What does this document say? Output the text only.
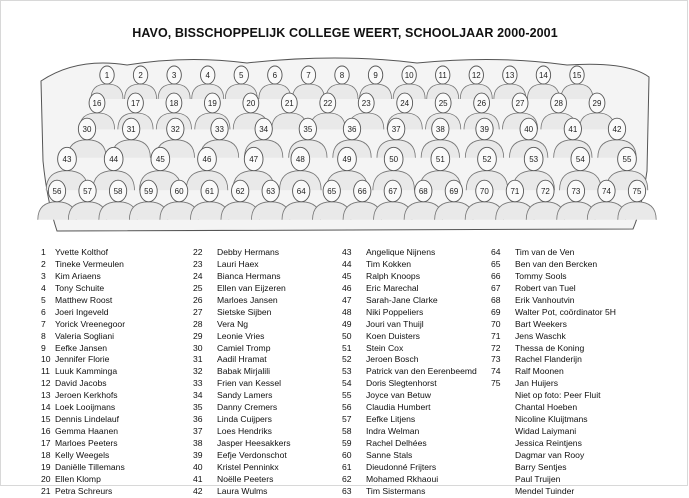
HAVO, BISSCHOPPELIJK COLLEGE WEERT, SCHOOLJAAR 2000-2001
1	2	3	4	5	6	7	8	9	10	11	12	13	14	15
16	17	18	19	20	21	22	23	24	25	26	27	28	29
30	31	32	33	34	35	36	37	38	39	40	41	42
43	44	45	46	47	48	49	50	51	52	53	54	55
56	57	58	59	60	61	62	63	64	65	66	67	68	69	70	71	72	73	74	75
1	Yvette Kolthof
2	Tineke Vermeulen
3	Kim Ariaens
4	Tony Schuite
5	Matthew Roost
6	Joeri Ingeveld
7	Yorick Vreenegoor
8	Valeria Sogliani
9	Eefke Jansen
10 Jennifer Florie
11 Luuk Kamminga
12 David Jacobs
13 Jeroen Kerkhofs
14 Loek Looijmans
15 Dennis Lindelauf
16 Gemma Haanen
17 Marloes Peeters
18 Kelly Weegels
19 Daniëlle Tillemans
20 Ellen Klomp
21 Petra Schreurs
22	Debby Hermans
23	Lauri Haex
24	Bianca Hermans
25	Ellen van Eijzeren
26	Marloes Jansen
27	Sietske Sijben
28	Vera Ng
29	Leonie Vries
30	Camiel Tromp
31	Aadil Hramat
32	Babak Mirjalili
33	Frien van Kessel
34	Sandy Lamers
35	Danny Cremers
36	Linda Cuijpers
37	Loes Hendriks
38	Jasper Heesakkers
39	Eefje Verdonschot
40	Kristel Penninkx
41	Noëlle Peeters
42	Laura Wulms
43	Angelique Nijnens
44	Tim Kokken
45	Ralph Knoops
46	Eric Marechal
47	Sarah-Jane Clarke
48	Niki Poppeliers
49	Jouri van Thuijl
50	Koen Duisters
51	Stein Cox
52	Jeroen Bosch
53	Patrick van den Eerenbeemd
54	Doris Slegtenhorst
55	Joyce van Betuw
56	Claudia Humbert
57	Eefke Litjens
58	Indra Welman
59	Rachel Delhées
60	Sanne Stals
61	Dieudonné Frijters
62	Mohamed Rkhaoui
63	Tim Sistermans
64	Tim van de Ven
65	Ben van den Bercken
66	Tommy Sools
67	Robert van Tuel
68	Erik Vanhoutvin
69	Walter Pot, coördinator 5H
70	Bart Weekers
71	Jens Waschk
72	Thessa de Koning
73	Rachel Flanderijn
74	Ralf Moonen
75	Jan Huijers
Niet op foto: Peer Fluit
Chantal Hoeben
Nicoline Kluijtmans
Widad Laiymani
Jessica Reintjens
Dagmar van Rooy
Barry Sentjes
Paul Truijen
Mendel Tuinder
